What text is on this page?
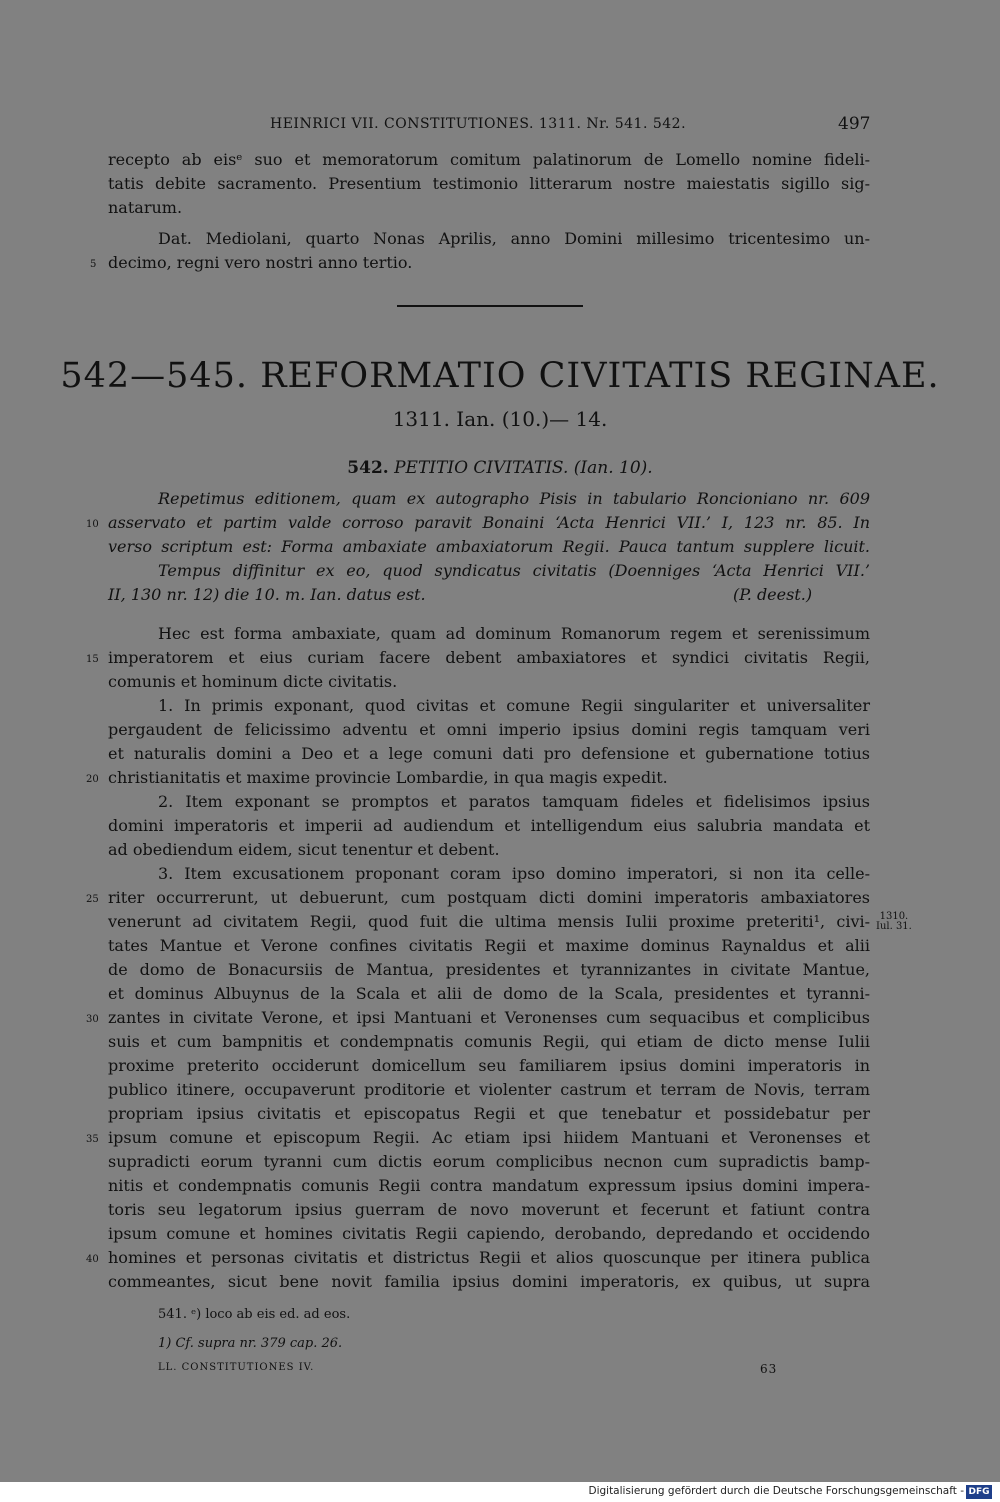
HEINRICI VII. CONSTITUTIONES. 1311. Nr. 541. 542.	497
recepto ab eisᵉ suo et memoratorum comitum palatinorum de Lomello nomine fideli-
tatis debite sacramento. Presentium testimonio litterarum nostre maiestatis sigillo sig-
natarum.
Dat. Mediolani, quarto Nonas Aprilis, anno Domini millesimo tricentesimo un-
decimo, regni vero nostri anno tertio.
5
542—545. REFORMATIO CIVITATIS REGINAE.
1311. Ian. (10.)— 14.
542. PETITIO CIVITATIS. (Ian. 10).
Repetimus editionem, quam ex autographo Pisis in tabulario Roncioniano nr. 609
asservato et partim valde corroso paravit Bonaini ‘Acta Henrici VII.’ I, 123 nr. 85. In
10
verso scriptum est: Forma ambaxiate ambaxiatorum Regii. Pauca tantum supplere licuit.
Tempus diffinitur ex eo, quod syndicatus civitatis (Doenniges ‘Acta Henrici VII.’
II, 130 nr. 12) die 10. m. Ian. datus est.	(P. deest.)
Hec est forma ambaxiate, quam ad dominum Romanorum regem et serenissimum
imperatorem et eius curiam facere debent ambaxiatores et syndici civitatis Regii,
15
comunis et hominum dicte civitatis.
1. In primis exponant, quod civitas et comune Regii singulariter et universaliter
pergaudent de felicissimo adventu et omni imperio ipsius domini regis tamquam veri
et naturalis domini a Deo et a lege comuni dati pro defensione et gubernatione totius
christianitatis et maxime provincie Lombardie, in qua magis expedit.
20
2. Item exponant se promptos et paratos tamquam fideles et fidelisimos ipsius
domini imperatoris et imperii ad audiendum et intelligendum eius salubria mandata et
ad obediendum eidem, sicut tenentur et debent.
3. Item excusationem proponant coram ipso domino imperatori, si non ita celle-
riter occurrerunt, ut debuerunt, cum postquam dicti domini imperatoris ambaxiatores
25
venerunt ad civitatem Regii, quod fuit die ultima mensis Iulii proxime preteriti¹, civi- 1310.
Iul. 31.
tates Mantue et Verone confines civitatis Regii et maxime dominus Raynaldus et alii
de domo de Bonacursiis de Mantua, presidentes et tyrannizantes in civitate Mantue,
et dominus Albuynus de la Scala et alii de domo de la Scala, presidentes et tyranni-
zantes in civitate Verone, et ipsi Mantuani et Veronenses cum sequacibus et complicibus
30
suis et cum bampnitis et condempnatis comunis Regii, qui etiam de dicto mense Iulii
proxime preterito occiderunt domicellum seu familiarem ipsius domini imperatoris in
publico itinere, occupaverunt proditorie et violenter castrum et terram de Novis, terram
propriam ipsius civitatis et episcopatus Regii et que tenebatur et possidebatur per
ipsum comune et episcopum Regii. Ac etiam ipsi hiidem Mantuani et Veronenses et
35
supradicti eorum tyranni cum dictis eorum complicibus necnon cum supradictis bamp-
nitis et condempnatis comunis Regii contra mandatum expressum ipsius domini impera-
toris seu legatorum ipsius guerram de novo moverunt et fecerunt et fatiunt contra
ipsum comune et homines civitatis Regii capiendo, derobando, depredando et occidendo
homines et personas civitatis et districtus Regii et alios quoscunque per itinera publica
40
commeantes, sicut bene novit familia ipsius domini imperatoris, ex quibus, ut supra
541. ᵉ) loco ab eis ed. ad eos.
1) Cf. supra nr. 379 cap. 26.
LL. CONSTITUTIONES IV.	63
Digitalisierung gefördert durch die Deutsche Forschungsgemeinschaft - DFG
